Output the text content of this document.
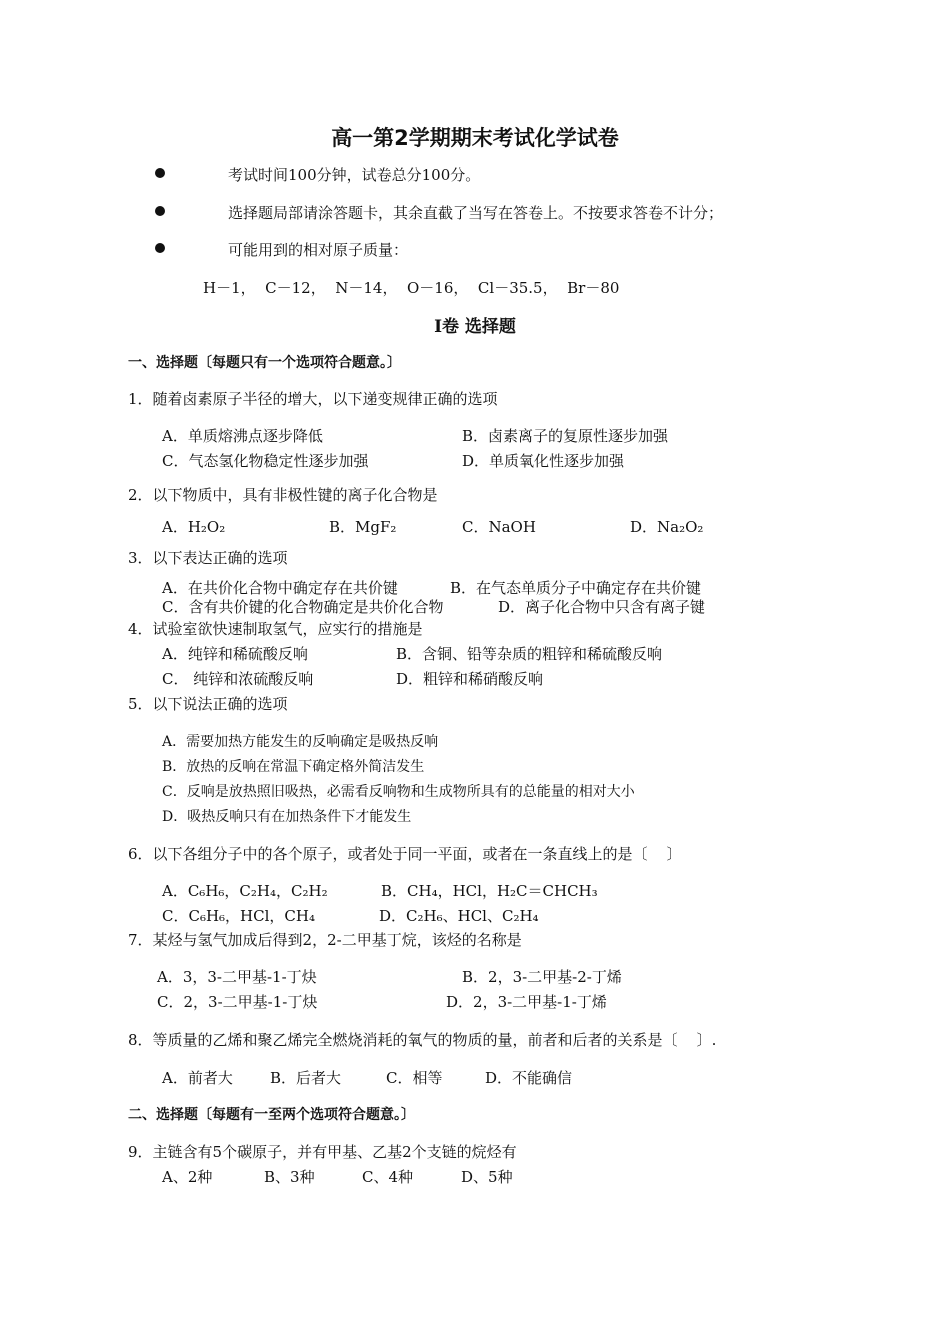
高一第2学期期末考试化学试卷
考试时间100分钟，试卷总分100分。
选择题局部请涂答题卡，其余直截了当写在答卷上。不按要求答卷不计分；
可能用到的相对原子质量：
H－1，  C－12，  N－14，  O－16，  Cl－35.5，  Br－80
I卷 选择题
一、选择题〔每题只有一个选项符合题意。〕
1．随着卤素原子半径的增大，以下递变规律正确的选项
A．单质熔沸点逐步降低	B．卤素离子的复原性逐步加强
C．气态氢化物稳定性逐步加强	D．单质氧化性逐步加强
2．以下物质中，具有非极性键的离子化合物是
A．H₂O₂	B．MgF₂	C．NaOH	D．Na₂O₂
3．以下表达正确的选项
A．在共价化合物中确定存在共价键	B．在气态单质分子中确定存在共价键
C．含有共价键的化合物确定是共价化合物	D．离子化合物中只含有离子键
4．试验室欲快速制取氢气，应实行的措施是
A．纯锌和稀硫酸反响	B．含铜、铅等杂质的粗锌和稀硫酸反响
C． 纯锌和浓硫酸反响	D．粗锌和稀硝酸反响
5．以下说法正确的选项
A．需要加热方能发生的反响确定是吸热反响
B．放热的反响在常温下确定格外简洁发生
C．反响是放热照旧吸热，必需看反响物和生成物所具有的总能量的相对大小
D．吸热反响只有在加热条件下才能发生
6．以下各组分子中的各个原子，或者处于同一平面，或者在一条直线上的是〔    〕
A．C₆H₆，C₂H₄，C₂H₂	B．CH₄，HCl，H₂C＝CHCH₃
C．C₆H₆，HCl，CH₄	D．C₂H₆、HCl、C₂H₄
7．某烃与氢气加成后得到2，2-二甲基丁烷，该烃的名称是
A．3，3-二甲基-1-丁炔	B．2，3-二甲基-2-丁烯
C．2，3-二甲基-1-丁炔	D．2，3-二甲基-1-丁烯
8．等质量的乙烯和聚乙烯完全燃烧消耗的氧气的物质的量，前者和后者的关系是〔    〕.
A．前者大 B．后者大	C．相等	D．不能确信
二、选择题〔每题有一至两个选项符合题意。〕
9．主链含有5个碳原子，并有甲基、乙基2个支链的烷烃有
A、2种	B、3种	C、4种	D、5种
